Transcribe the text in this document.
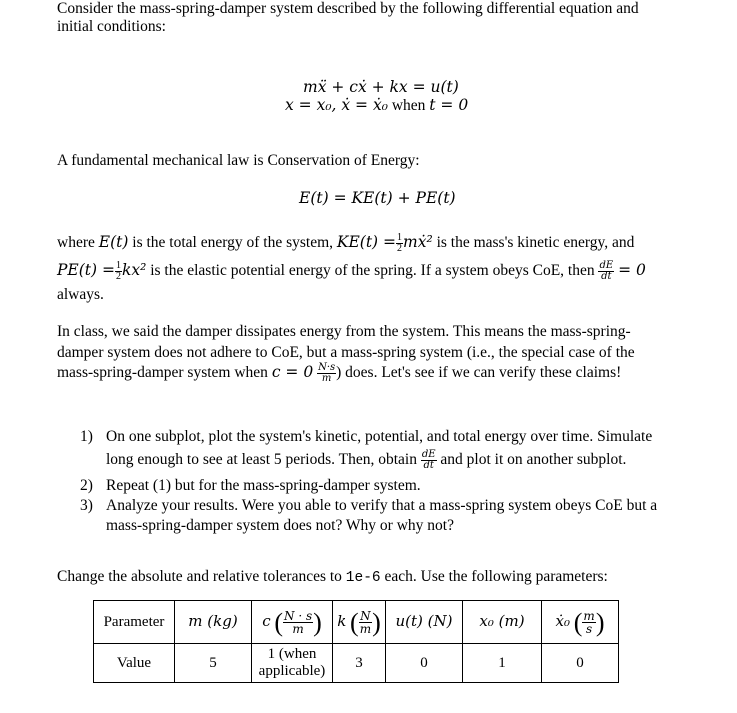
Consider the mass-spring-damper system described by the following differential equation and
initial conditions:
mẍ + cẋ + kx = u(t)
x = x₀, ẋ = ẋ₀ when t = 0
A fundamental mechanical law is Conservation of Energy:
E(t) = KE(t) + PE(t)
where E(t) is the total energy of the system, $KE(t) = \frac{1}{2}$ mẋ² is the mass's kinetic energy, and
$PE(t) = \frac{1}{2} kx^2$ is the elastic potential energy of the spring. If a system obeys CoE, then $\frac{dE}{dt} = 0$
always.
In class, we said the damper dissipates energy from the system. This means the mass-spring-
damper system does not adhere to CoE, but a mass-spring system (i.e., the special case of the
mass-spring-damper system when $c = 0 \frac{N\cdot s}{m}$ ) does. Let's see if we can verify these claims!
1) On one subplot, plot the system's kinetic, potential, and total energy over time. Simulate
long enough to see at least 5 periods. Then, obtain $\frac{dE}{dt}$ and plot it on another subplot.
2) Repeat (1) but for the mass-spring-damper system.
3) Analyze your results. Were you able to verify that a mass-spring system obeys CoE but a
mass-spring-damper system does not? Why or why not?
Change the absolute and relative tolerances to 1e-6 each. Use the following parameters:
Parameter	m (kg)	c ( $\frac{N \cdot s}{m}$ )	k ( $\frac{N}{m}$ )	u(t) (N)	x₀ (m)	ẋ₀ ( $\frac{m}{s}$ )
Value	5	1 (when
applicable)	3	0	1	0
